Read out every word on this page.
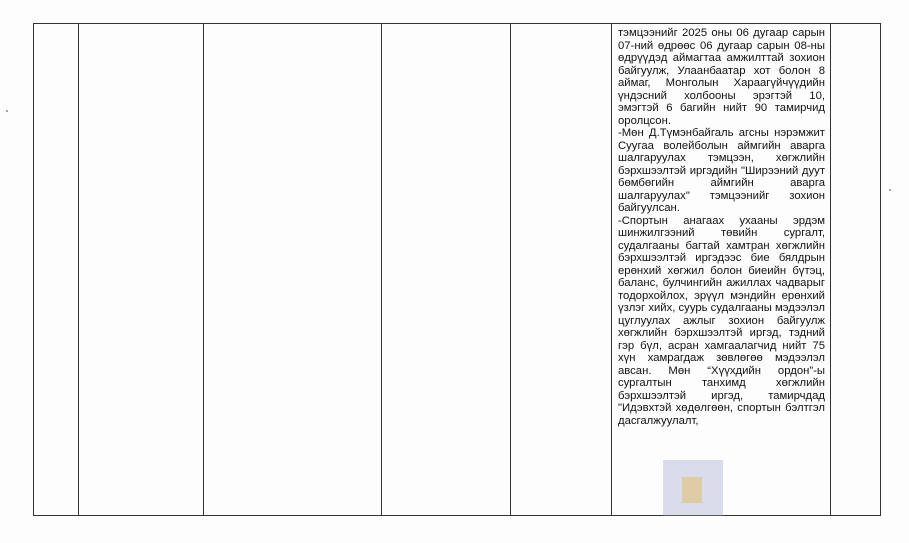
тэмцээнийг 2025 оны 06 дугаар сарын 07-ний өдрөөс 06 дугаар сарын 08-ны өдрүүдэд аймагтаа амжилттай зохион байгуулж, Улаанбаатар хот болон 8 аймаг, Монголын Хараагүйчүүдийн үндэсний холбооны эрэгтэй 10, эмэгтэй 6 багийн нийт 90 тамирчид оролцсон.

-Мөн Д.Түмэнбайгаль агсны нэрэмжит Суугаа волейболын аймгийн аварга шалгаруулах тэмцээн, хөгжлийн бэрхшээлтэй иргэдийн "Ширээний дуут бөмбөгийн аймгийн аварга шалгаруулах" тэмцээнийг зохион байгуулсан.

-Спортын анагаах ухааны эрдэм шинжилгээний төвийн сургалт, судалгааны багтай хамтран хөгжлийн бэрхшээлтэй иргэдээс бие бялдрын ерөнхий хөгжил болон биеийн бүтэц, баланс, булчингийн ажиллах чадварыг тодорхойлох, эрүүл мэндийн ерөнхий үзлэг хийх, суурь судалгааны мэдээлэл цуглуулах ажлыг зохион байгуулж хөгжлийн бэрхшээлтэй иргэд, тэдний гэр бүл, асран хамгаалагчид нийт 75 хүн хамрагдаж зөвлөгөө мэдээлэл авсан. Мөн “Хүүхдийн ордон”-ы сургалтын танхимд хөгжлийн бэрхшээлтэй иргэд, тамирчдад "Идэвхтэй хөдөлгөөн, спортын бэлтгэл дасгалжуулалт,
